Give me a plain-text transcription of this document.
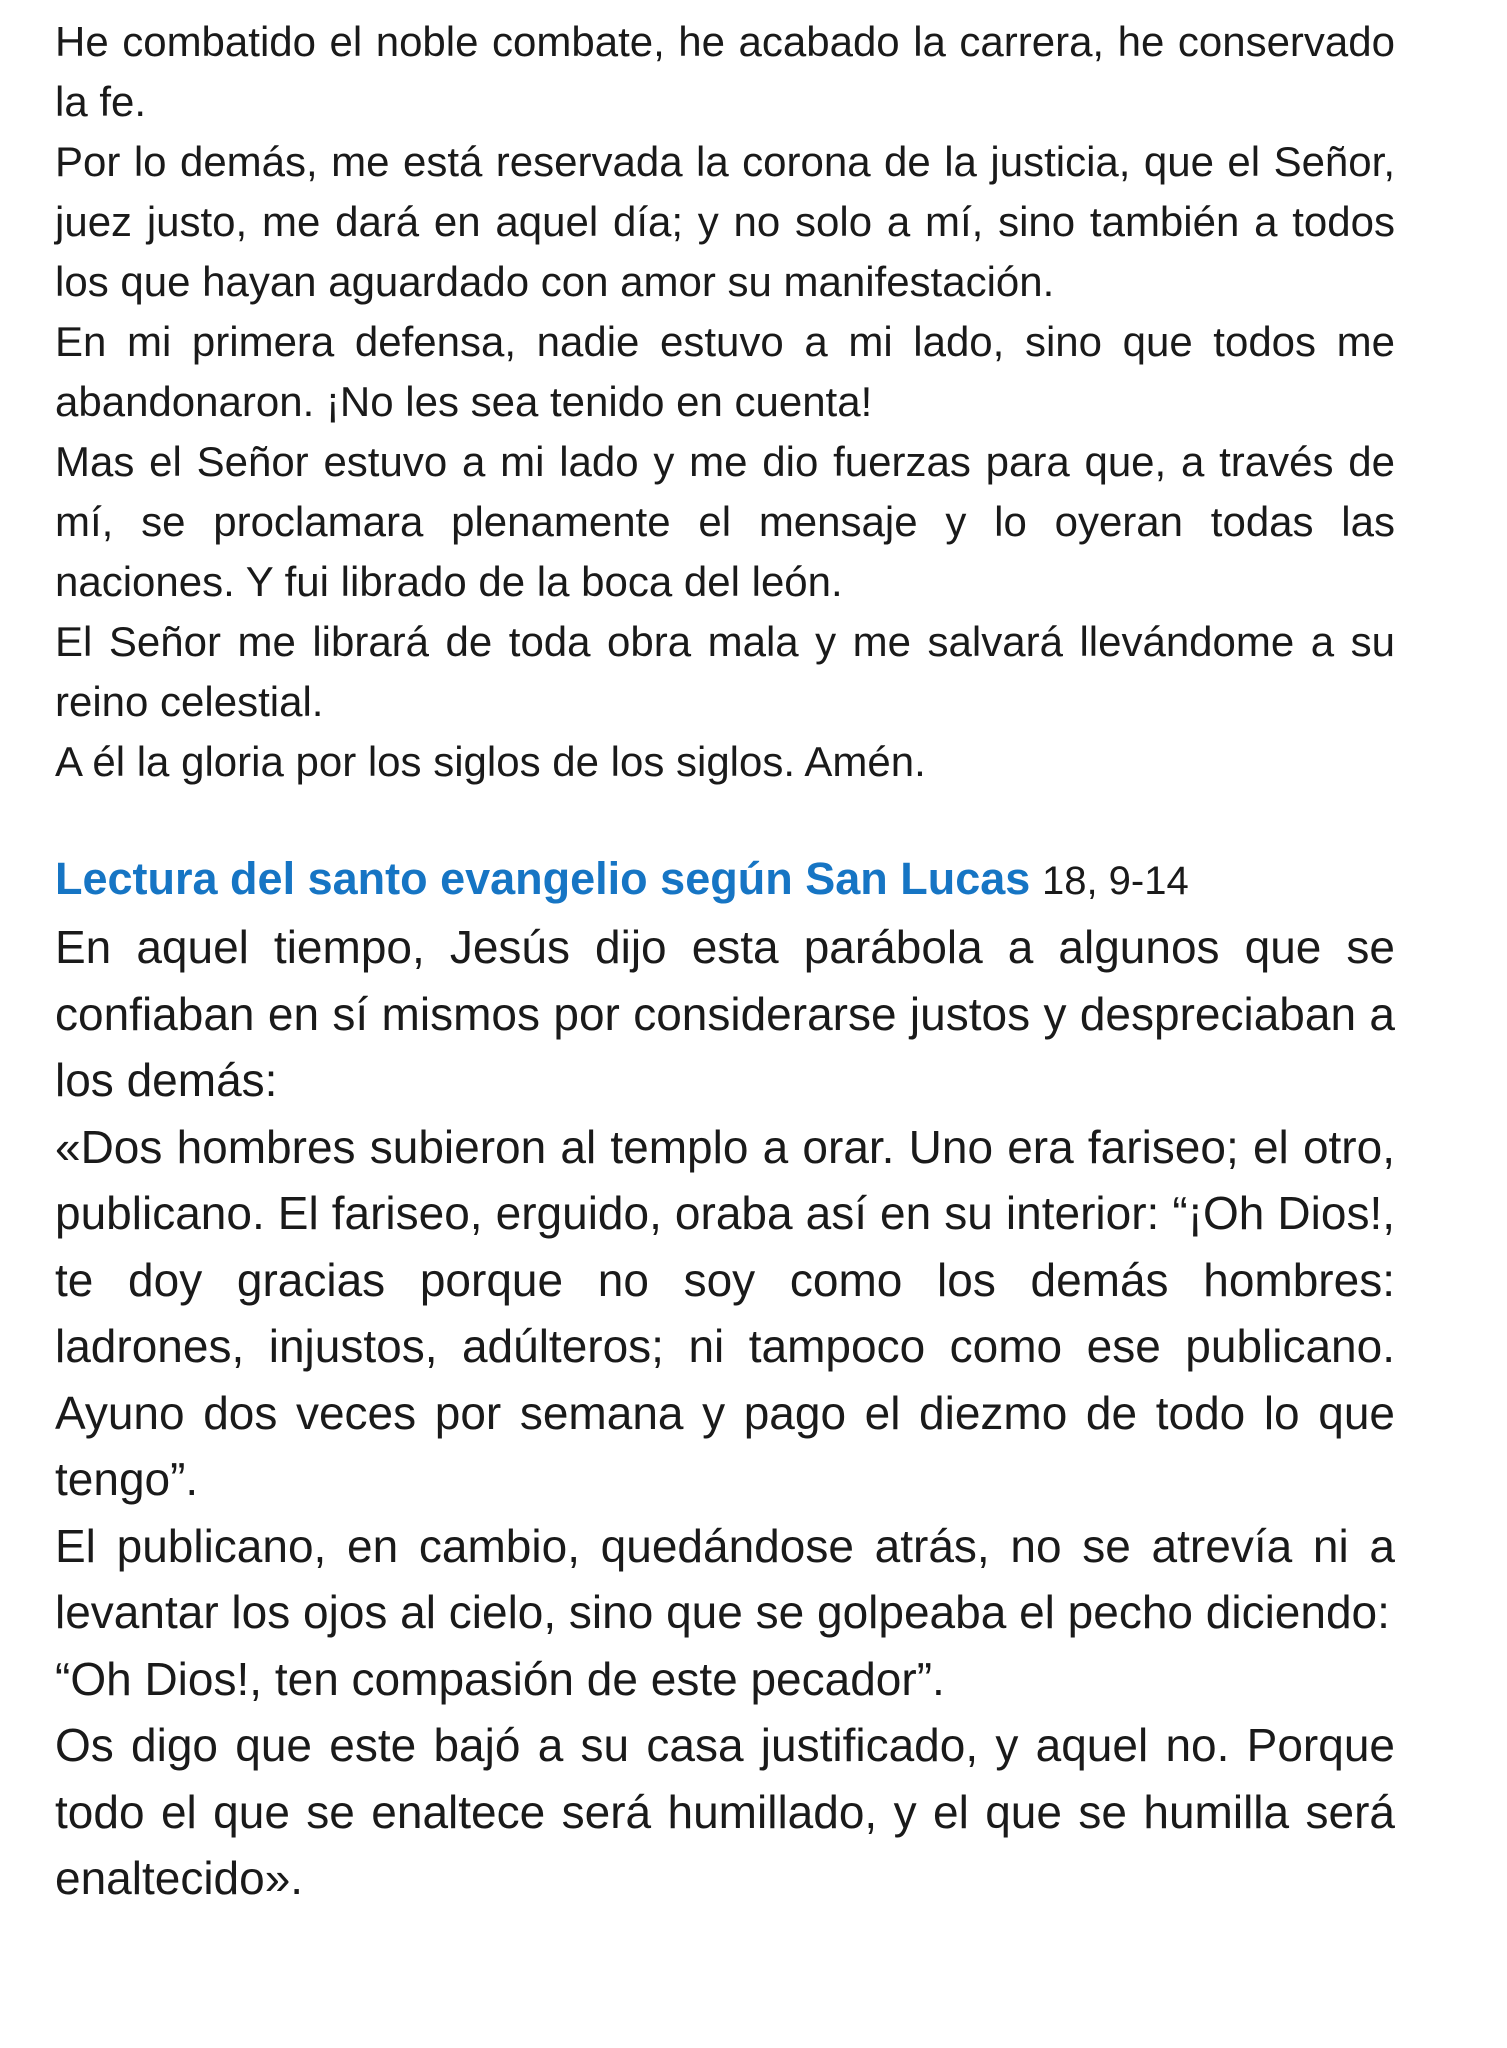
He combatido el noble combate, he acabado la carrera, he conservado la fe.

Por lo demás, me está reservada la corona de la justicia, que el Señor, juez justo, me dará en aquel día; y no solo a mí, sino también a todos los que hayan aguardado con amor su manifestación.

En mi primera defensa, nadie estuvo a mi lado, sino que todos me abandonaron. ¡No les sea tenido en cuenta!

Mas el Señor estuvo a mi lado y me dio fuerzas para que, a través de mí, se proclamara plenamente el mensaje y lo oyeran todas las naciones. Y fui librado de la boca del león.

El Señor me librará de toda obra mala y me salvará llevándome a su reino celestial.

A él la gloria por los siglos de los siglos. Amén.

Lectura del santo evangelio según San Lucas 18, 9-14

En aquel tiempo, Jesús dijo esta parábola a algunos que se confiaban en sí mismos por considerarse justos y despreciaban a los demás:

«Dos hombres subieron al templo a orar. Uno era fariseo; el otro, publicano. El fariseo, erguido, oraba así en su interior: “¡Oh Dios!, te doy gracias porque no soy como los demás hombres: ladrones, injustos, adúlteros; ni tampoco como ese publicano. Ayuno dos veces por semana y pago el diezmo de todo lo que tengo”.

El publicano, en cambio, quedándose atrás, no se atrevía ni a levantar los ojos al cielo, sino que se golpeaba el pecho diciendo:

“Oh Dios!, ten compasión de este pecador”.

Os digo que este bajó a su casa justificado, y aquel no. Porque todo el que se enaltece será humillado, y el que se humilla será enaltecido».
